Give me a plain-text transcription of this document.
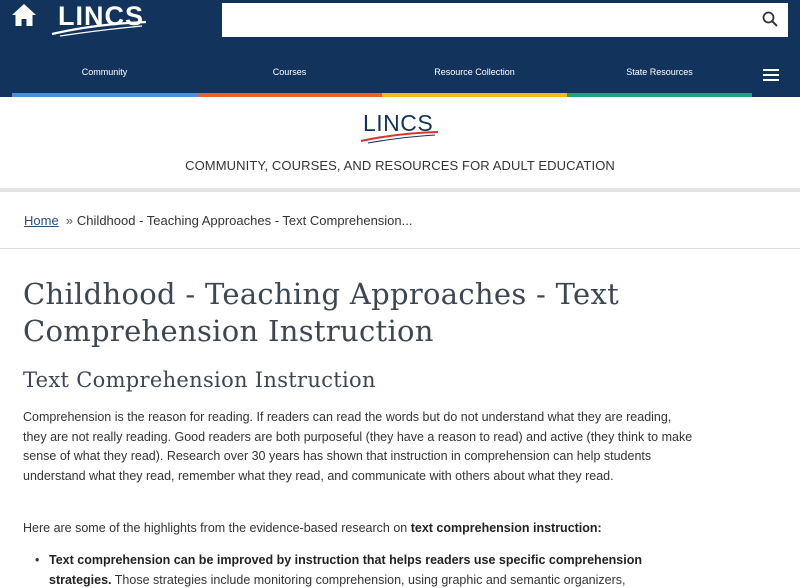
LINCS
Community	Courses	Resource Collection	State Resources
LINCS
COMMUNITY, COURSES, AND RESOURCES FOR ADULT EDUCATION
Home » Childhood - Teaching Approaches - Text Comprehension...
Childhood - Teaching Approaches - Text Comprehension Instruction
Text Comprehension Instruction

Comprehension is the reason for reading. If readers can read the words but do not understand what they are reading, they are not really reading. Good readers are both purposeful (they have a reason to read) and active (they think to make sense of what they read). Research over 30 years has shown that instruction in comprehension can help students understand what they read, remember what they read, and communicate with others about what they read.

Here are some of the highlights from the evidence-based research on text comprehension instruction:

• Text comprehension can be improved by instruction that helps readers use specific comprehension strategies. Those strategies include monitoring comprehension, using graphic and semantic organizers,
